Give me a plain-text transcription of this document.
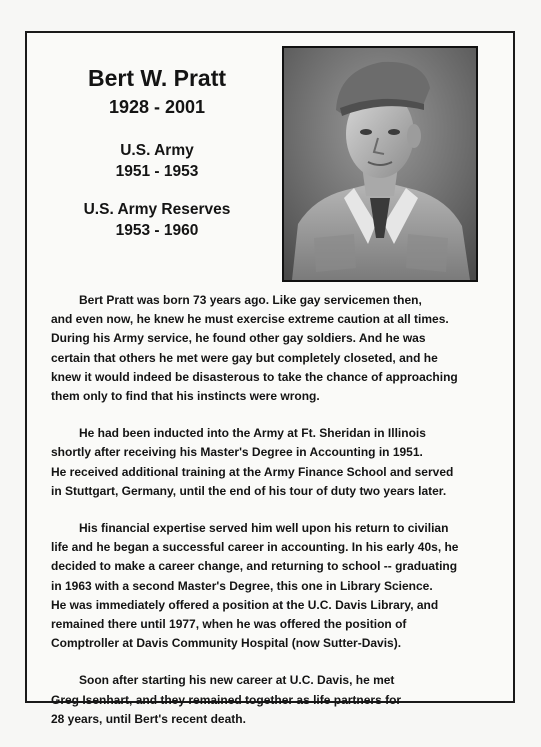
Bert W. Pratt
1928 - 2001
U.S. Army
1951 - 1953
U.S. Army Reserves
1953 - 1960

Bert Pratt was born 73 years ago. Like gay servicemen then,
and even now, he knew he must exercise extreme caution at all times.
During his Army service, he found other gay soldiers. And he was
certain that others he met were gay but completely closeted, and he
knew it would indeed be disasterous to take the chance of approaching
them only to find that his instincts were wrong.

He had been inducted into the Army at Ft. Sheridan in Illinois
shortly after receiving his Master's Degree in Accounting in 1951.
He received additional training at the Army Finance School and served
in Stuttgart, Germany, until the end of his tour of duty two years later.

His financial expertise served him well upon his return to civilian
life and he began a successful career in accounting. In his early 40s, he
decided to make a career change, and returning to school -- graduating
in 1963 with a second Master's Degree, this one in Library Science.
He was immediately offered a position at the U.C. Davis Library, and
remained there until 1977, when he was offered the position of
Comptroller at Davis Community Hospital (now Sutter-Davis).

Soon after starting his new career at U.C. Davis, he met
Greg Isenhart, and they remained together as life partners for
28 years, until Bert's recent death.
